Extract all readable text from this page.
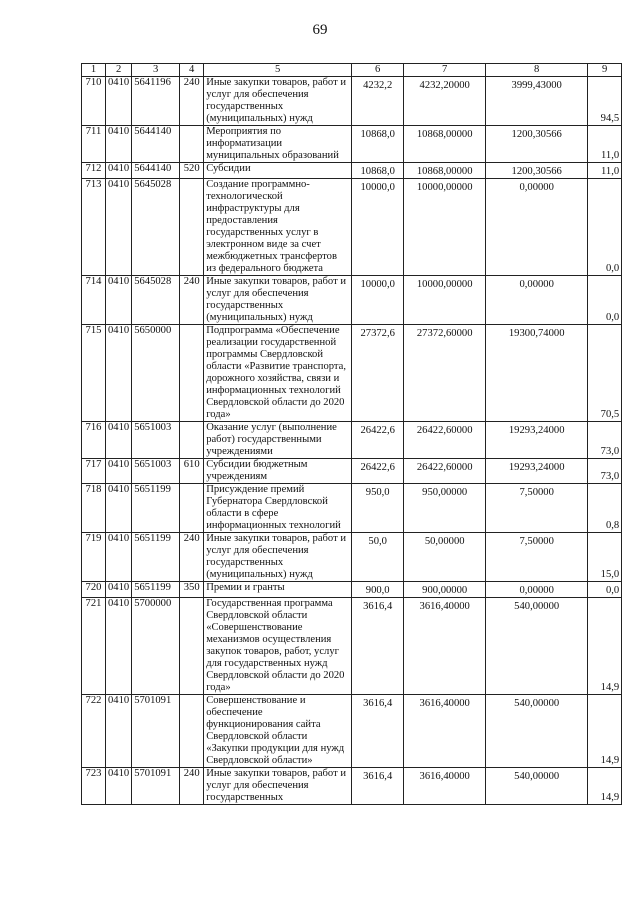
69
1	2	3	4	5	6	7	8	9
710	0410	5641196	240	Иные закупки товаров, работ и услуг для обеспечения государственных (муниципальных) нужд	4232,2	4232,20000	3999,43000	94,5
711	0410	5644140		Мероприятия по информатизации муниципальных образований	10868,0	10868,00000	1200,30566	11,0
712	0410	5644140	520	Субсидии	10868,0	10868,00000	1200,30566	11,0
713	0410	5645028		Создание программно-технологической инфраструктуры для предоставления государственных услуг в электронном виде за счет межбюджетных трансфертов из федерального бюджета	10000,0	10000,00000	0,00000	0,0
714	0410	5645028	240	Иные закупки товаров, работ и услуг для обеспечения государственных (муниципальных) нужд	10000,0	10000,00000	0,00000	0,0
715	0410	5650000		Подпрограмма «Обеспечение реализации государственной программы Свердловской области «Развитие транспорта, дорожного хозяйства, связи и информационных технологий Свердловской области до 2020 года»	27372,6	27372,60000	19300,74000	70,5
716	0410	5651003		Оказание услуг (выполнение работ) государственными учреждениями	26422,6	26422,60000	19293,24000	73,0
717	0410	5651003	610	Субсидии бюджетным учреждениям	26422,6	26422,60000	19293,24000	73,0
718	0410	5651199		Присуждение премий Губернатора Свердловской области в сфере информационных технологий	950,0	950,00000	7,50000	0,8
719	0410	5651199	240	Иные закупки товаров, работ и услуг для обеспечения государственных (муниципальных) нужд	50,0	50,00000	7,50000	15,0
720	0410	5651199	350	Премии и гранты	900,0	900,00000	0,00000	0,0
721	0410	5700000		Государственная программа Свердловской области «Совершенствование механизмов осуществления закупок товаров, работ, услуг для государственных нужд Свердловской области до 2020 года»	3616,4	3616,40000	540,00000	14,9
722	0410	5701091		Совершенствование и обеспечение функционирования сайта Свердловской области «Закупки продукции для нужд Свердловской области»	3616,4	3616,40000	540,00000	14,9
723	0410	5701091	240	Иные закупки товаров, работ и услуг для обеспечения государственных	3616,4	3616,40000	540,00000	14,9
